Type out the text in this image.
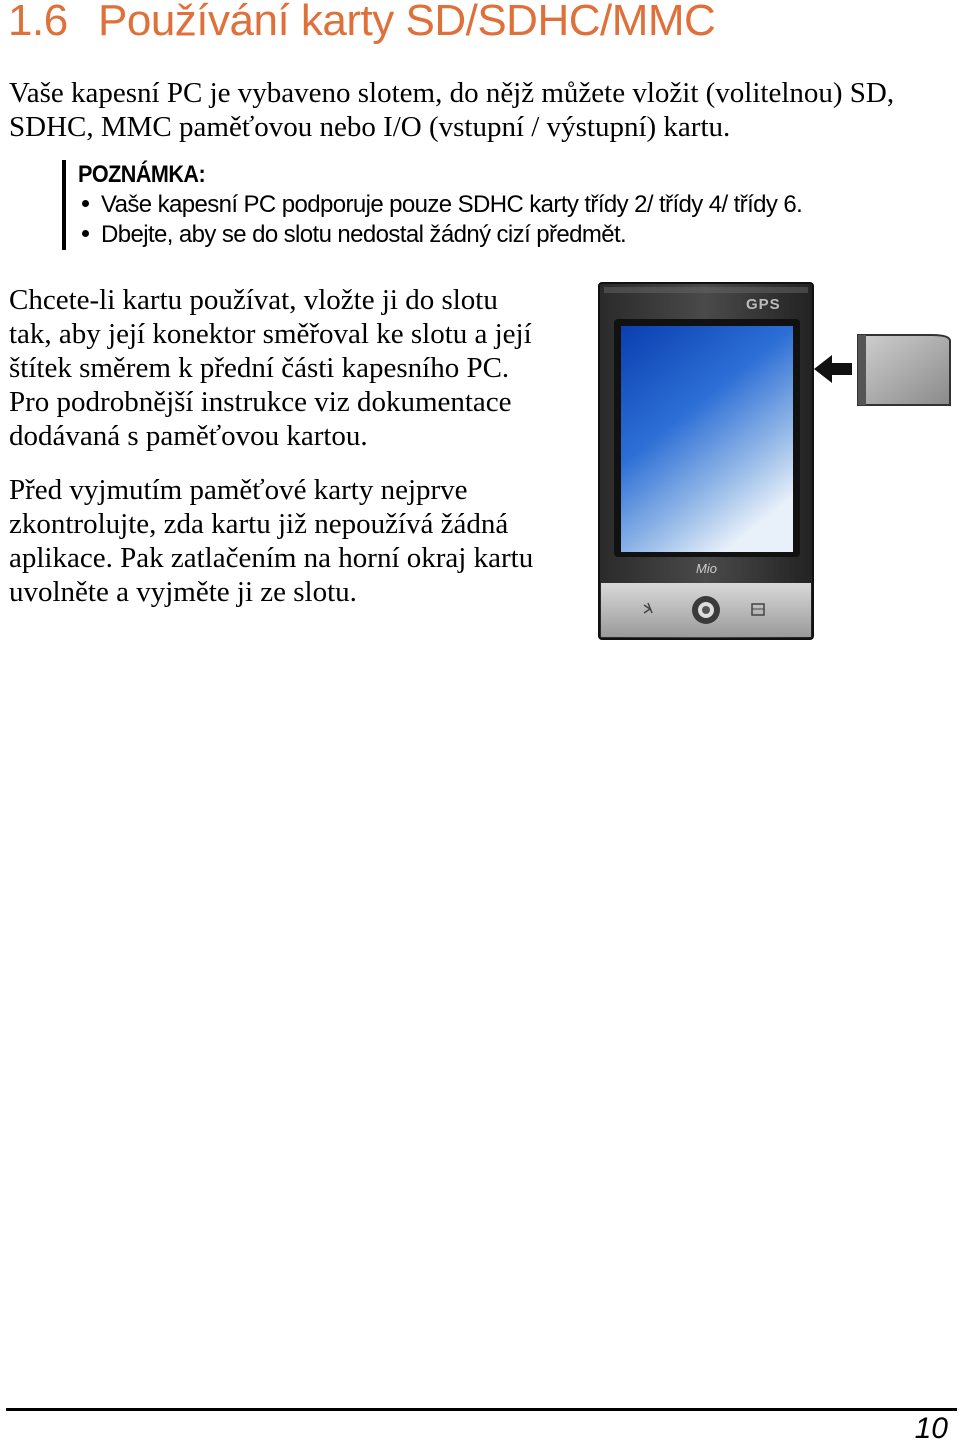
1.6 Používání karty SD/SDHC/MMC

Vaše kapesní PC je vybaveno slotem, do nějž můžete vložit (volitelnou) SD,
SDHC, MMC paměťovou nebo I/O (vstupní / výstupní) kartu.

POZNÁMKA:
Vaše kapesní PC podporuje pouze SDHC karty třídy 2/ třídy 4/ třídy 6.
Dbejte, aby se do slotu nedostal žádný cizí předmět.

Chcete-li kartu používat, vložte ji do slotu
tak, aby její konektor směřoval ke slotu a její
štítek směrem k přední části kapesního PC.
Pro podrobnější instrukce viz dokumentace
dodávaná s paměťovou kartou.

Před vyjmutím paměťové karty nejprve
zkontrolujte, zda kartu již nepoužívá žádná
aplikace. Pak zatlačením na horní okraj kartu
uvolněte a vyjměte ji ze slotu.

GPS
Mio
10
